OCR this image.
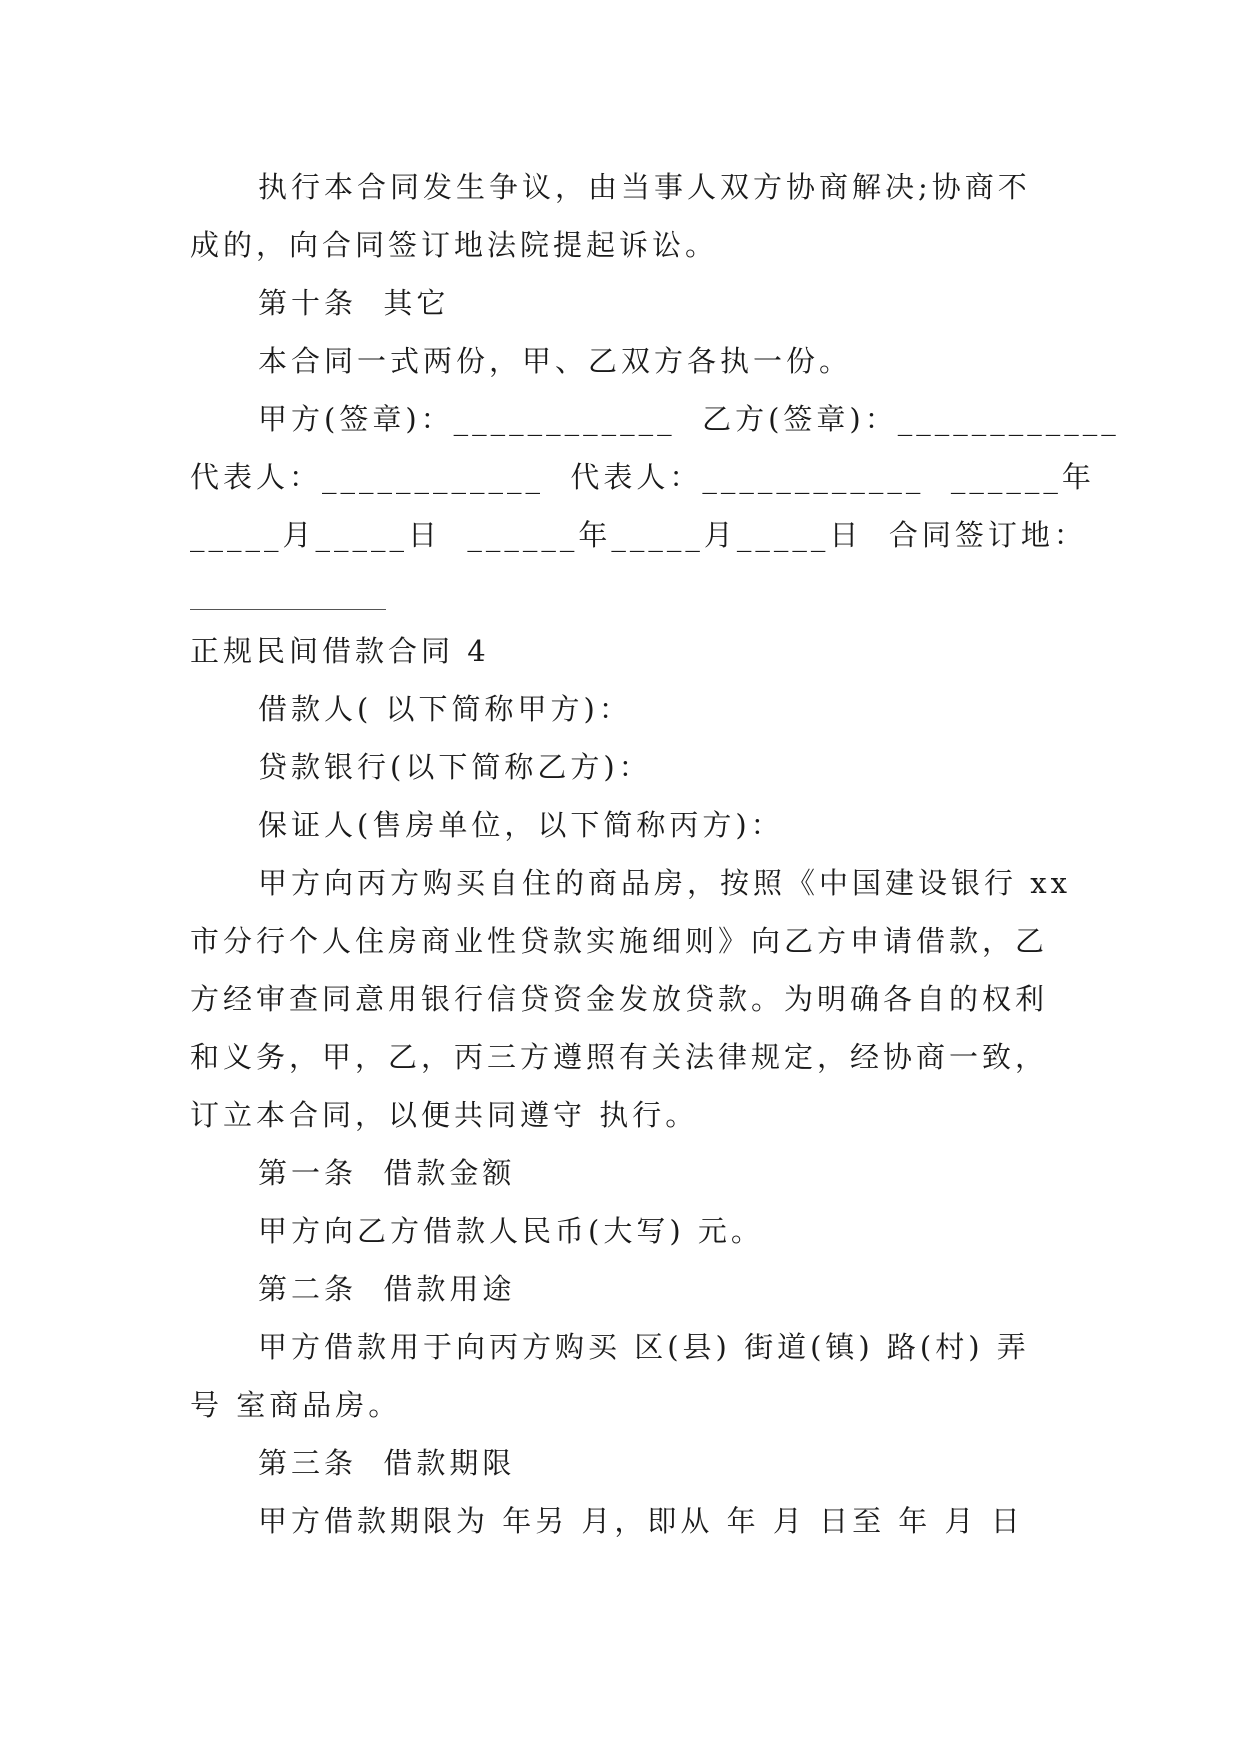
执行本合同发生争议，由当事人双方协商解决;协商不
成的，向合同签订地法院提起诉讼。
第十条  其它
本合同一式两份，甲、乙双方各执一份。
甲方(签章)：____________  乙方(签章)：____________
代表人：____________  代表人：____________  ______年
_____月_____日  ______年_____月_____日  合同签订地：
正规民间借款合同 4
借款人( 以下简称甲方)：
贷款银行(以下简称乙方)：
保证人(售房单位，以下简称丙方)：
甲方向丙方购买自住的商品房，按照《中国建设银行 xx
市分行个人住房商业性贷款实施细则》向乙方申请借款，乙
方经审查同意用银行信贷资金发放贷款。为明确各自的权利
和义务，甲，乙，丙三方遵照有关法律规定，经协商一致，
订立本合同，以便共同遵守 执行。
第一条  借款金额
甲方向乙方借款人民币(大写) 元。
第二条  借款用途
甲方借款用于向丙方购买 区(县) 街道(镇) 路(村) 弄
号 室商品房。
第三条  借款期限
甲方借款期限为 年另 月，即从 年 月 日至 年 月 日
